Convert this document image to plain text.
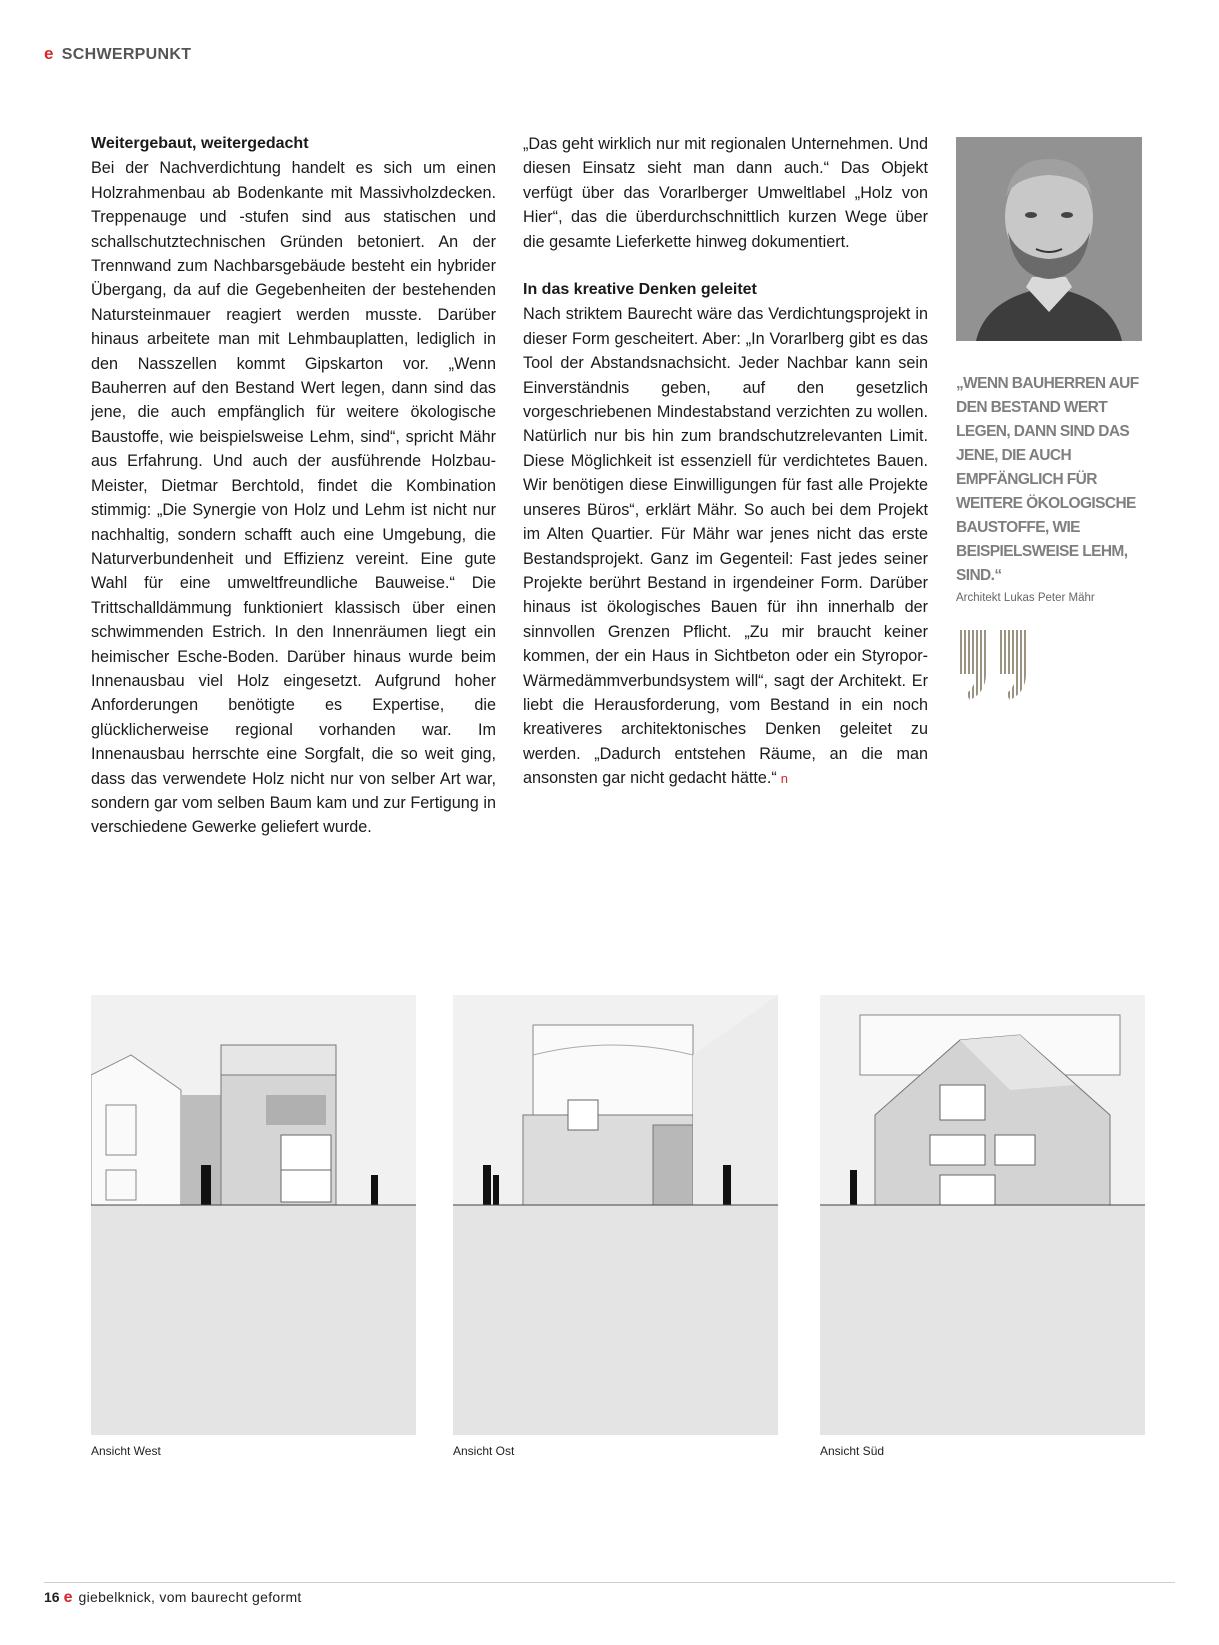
e SCHWERPUNKT
Weitergebaut, weitergedacht

Bei der Nachverdichtung handelt es sich um einen Holzrahmenbau ab Bodenkante mit Massivholzdecken. Treppenauge und -stufen sind aus statischen und schallschutztechnischen Gründen betoniert. An der Trennwand zum Nachbarsgebäude besteht ein hybrider Übergang, da auf die Gegebenheiten der bestehenden Natursteinmauer reagiert werden musste. Darüber hinaus arbeitete man mit Lehmbauplatten, lediglich in den Nasszellen kommt Gipskarton vor. „Wenn Bauherren auf den Bestand Wert legen, dann sind das jene, die auch empfänglich für weitere ökologische Baustoffe, wie beispielsweise Lehm, sind“, spricht Mähr aus Erfahrung. Und auch der ausführende Holzbau-Meister, Dietmar Berchtold, findet die Kombination stimmig: „Die Synergie von Holz und Lehm ist nicht nur nachhaltig, sondern schafft auch eine Umgebung, die Naturverbundenheit und Effizienz vereint. Eine gute Wahl für eine umweltfreundliche Bauweise.“ Die Trittschalldämmung funktioniert klassisch über einen schwimmenden Estrich. In den Innenräumen liegt ein heimischer Esche-Boden. Darüber hinaus wurde beim Innenausbau viel Holz eingesetzt. Aufgrund hoher Anforderungen benötigte es Expertise, die glücklicherweise regional vorhanden war. Im Innenausbau herrschte eine Sorgfalt, die so weit ging, dass das verwendete Holz nicht nur von selber Art war, sondern gar vom selben Baum kam und zur Fertigung in verschiedene Gewerke geliefert wurde.

„Das geht wirklich nur mit regionalen Unternehmen. Und diesen Einsatz sieht man dann auch.“ Das Objekt verfügt über das Vorarlberger Umweltlabel „Holz von Hier“, das die überdurchschnittlich kurzen Wege über die gesamte Lieferkette hinweg dokumentiert.

In das kreative Denken geleitet

Nach striktem Baurecht wäre das Verdichtungsprojekt in dieser Form gescheitert. Aber: „In Vorarlberg gibt es das Tool der Abstandsnachsicht. Jeder Nachbar kann sein Einverständnis geben, auf den gesetzlich vorgeschriebenen Mindestabstand verzichten zu wollen. Natürlich nur bis hin zum brandschutzrelevanten Limit. Diese Möglichkeit ist essenziell für verdichtetes Bauen. Wir benötigen diese Einwilligungen für fast alle Projekte unseres Büros“, erklärt Mähr. So auch bei dem Projekt im Alten Quartier. Für Mähr war jenes nicht das erste Bestandsprojekt. Ganz im Gegenteil: Fast jedes seiner Projekte berührt Bestand in irgendeiner Form. Darüber hinaus ist ökologisches Bauen für ihn innerhalb der sinnvollen Grenzen Pflicht. „Zu mir braucht keiner kommen, der ein Haus in Sichtbeton oder ein Styropor-Wärmedämmverbundsystem will“, sagt der Architekt. Er liebt die Herausforderung, vom Bestand in ein noch kreativeres architektonisches Denken geleitet zu werden. „Dadurch entstehen Räume, an die man ansonsten gar nicht gedacht hätte.“ n

„WENN BAUHERREN AUF DEN BESTAND WERT LEGEN, DANN SIND DAS JENE, DIE AUCH EMPFÄNGLICH FÜR WEITERE ÖKOLOGISCHE BAUSTOFFE, WIE BEISPIELSWEISE LEHM, SIND.“
Architekt Lukas Peter Mähr
Ansicht West	Ansicht Ost	Ansicht Süd
16 e giebelknick, vom baurecht geformt
